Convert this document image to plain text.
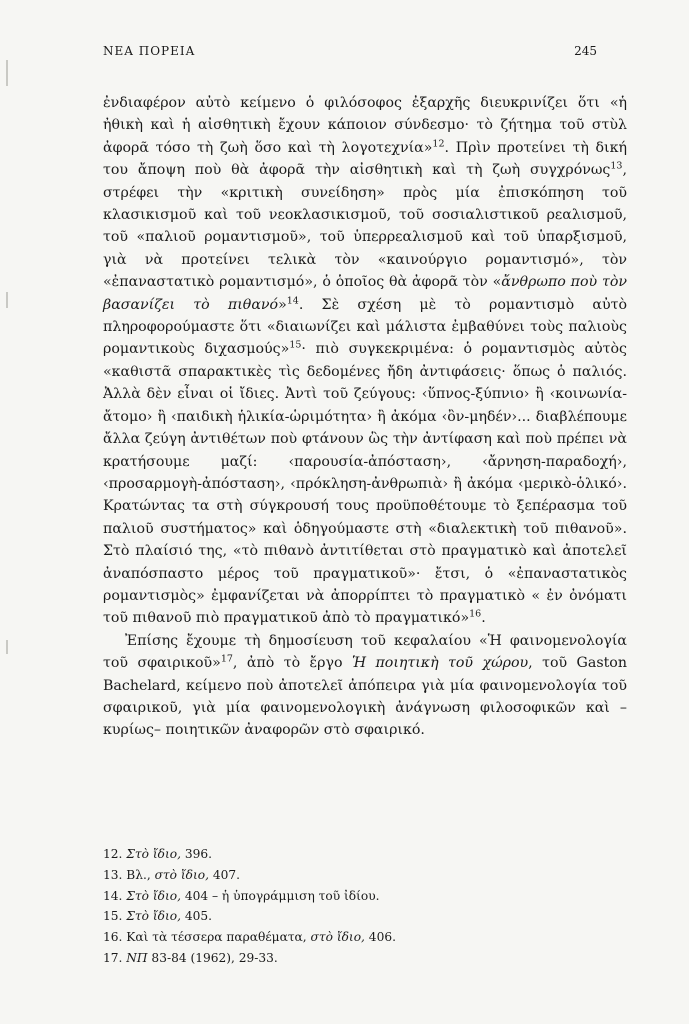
ΝΕΑ ΠΟΡΕΙΑ	245

ἐνδιαφέρον αὐτὸ κείμενο ὁ φιλόσοφος ἐξαρχῆς διευκρινίζει ὅτι «ἡ ἠθικὴ καὶ ἡ αἰσθητικὴ ἔχουν κάποιον σύνδεσμο· τὸ ζήτημα τοῦ στὺλ ἀφορᾶ τόσο τὴ ζωὴ ὅσο καὶ τὴ λογοτεχνία»$^{12}$. Πρὶν προτείνει τὴ δική του ἄποψη ποὺ θὰ ἀφορᾶ τὴν αἰσθητικὴ καὶ τὴ ζωὴ συγχρόνως$^{13}$, στρέφει τὴν «κριτικὴ συνείδηση» πρὸς μία ἐπισκόπηση τοῦ κλασικισμοῦ καὶ τοῦ νεοκλασικισμοῦ, τοῦ σοσιαλιστικοῦ ρεαλισμοῦ, τοῦ «παλιοῦ ρομαντισμοῦ», τοῦ ὑπερρεαλισμοῦ καὶ τοῦ ὑπαρξισμοῦ, γιὰ νὰ προτείνει τελικὰ τὸν «καινούργιο ρομαντισμό», τὸν «ἐπαναστατικὸ ρομαντισμό», ὁ ὁποῖος θὰ ἀφορᾶ τὸν «ἄνθρωπο ποὺ τὸν βασανίζει τὸ πιθανό»$^{14}$. Σὲ σχέση μὲ τὸ ρομαντισμὸ αὐτὸ πληροφορούμαστε ὅτι «διαιωνίζει καὶ μάλιστα ἐμβαθύνει τοὺς παλιοὺς ρομαντικοὺς διχασμούς»$^{15}$· πιὸ συγκεκριμένα: ὁ ρομαντισμὸς αὐτὸς «καθιστᾶ σπαρακτικὲς τὶς δεδομένες ἤδη ἀντιφάσεις· ὅπως ὁ παλιός. Ἀλλὰ δὲν εἶναι οἱ ἴδιες. Ἀντὶ τοῦ ζεύγους: ‹ὕπνος-ξύπνιο› ἢ ‹κοινωνία-ἄτομο› ἢ ‹παιδικὴ ἡλικία-ὡριμότητα› ἢ ἀκόμα ‹ὂν-μηδέν›... διαβλέπουμε ἄλλα ζεύγη ἀντιθέτων ποὺ φτάνουν ὣς τὴν ἀντίφαση καὶ ποὺ πρέπει νὰ κρατήσουμε μαζί: ‹παρουσία-ἀπόσταση›, ‹ἄρνηση-παραδοχή›, ‹προσαρμογὴ-ἀπόσταση›, ‹πρόκληση-ἀνθρωπιὰ› ἢ ἀκόμα ‹μερικὸ-ὁλικό›. Κρατώντας τα στὴ σύγκρουσή τους προϋποθέτουμε τὸ ξεπέρασμα τοῦ παλιοῦ συστήματος» καὶ ὁδηγούμαστε στὴ «διαλεκτικὴ τοῦ πιθανοῦ». Στὸ πλαίσιό της, «τὸ πιθανὸ ἀντιτίθεται στὸ πραγματικὸ καὶ ἀποτελεῖ ἀναπόσπαστο μέρος τοῦ πραγματικοῦ»· ἔτσι, ὁ «ἐπαναστατικὸς ρομαντισμὸς» ἐμφανίζεται νὰ ἀπορρίπτει τὸ πραγματικὸ « ἐν ὀνόματι τοῦ πιθανοῦ πιὸ πραγματικοῦ ἀπὸ τὸ πραγματικό»$^{16}$.

Ἐπίσης ἔχουμε τὴ δημοσίευση τοῦ κεφαλαίου «Ἡ φαινομενολογία τοῦ σφαιρικοῦ»$^{17}$, ἀπὸ τὸ ἔργο Ἡ ποιητικὴ τοῦ χώρου, τοῦ Gaston Bachelard, κείμενο ποὺ ἀποτελεῖ ἀπόπειρα γιὰ μία φαινομενολογία τοῦ σφαιρικοῦ, γιὰ μία φαινομενολογικὴ ἀνάγνωση φιλοσοφικῶν καὶ –κυρίως– ποιητικῶν ἀναφορῶν στὸ σφαιρικό.

12. Στὸ ἴδιο, 396.
13. Βλ., στὸ ἴδιο, 407.
14. Στὸ ἴδιο, 404 – ἡ ὑπογράμμιση τοῦ ἰδίου.
15. Στὸ ἴδιο, 405.
16. Καὶ τὰ τέσσερα παραθέματα, στὸ ἴδιο, 406.
17. ΝΠ 83-84 (1962), 29-33.
